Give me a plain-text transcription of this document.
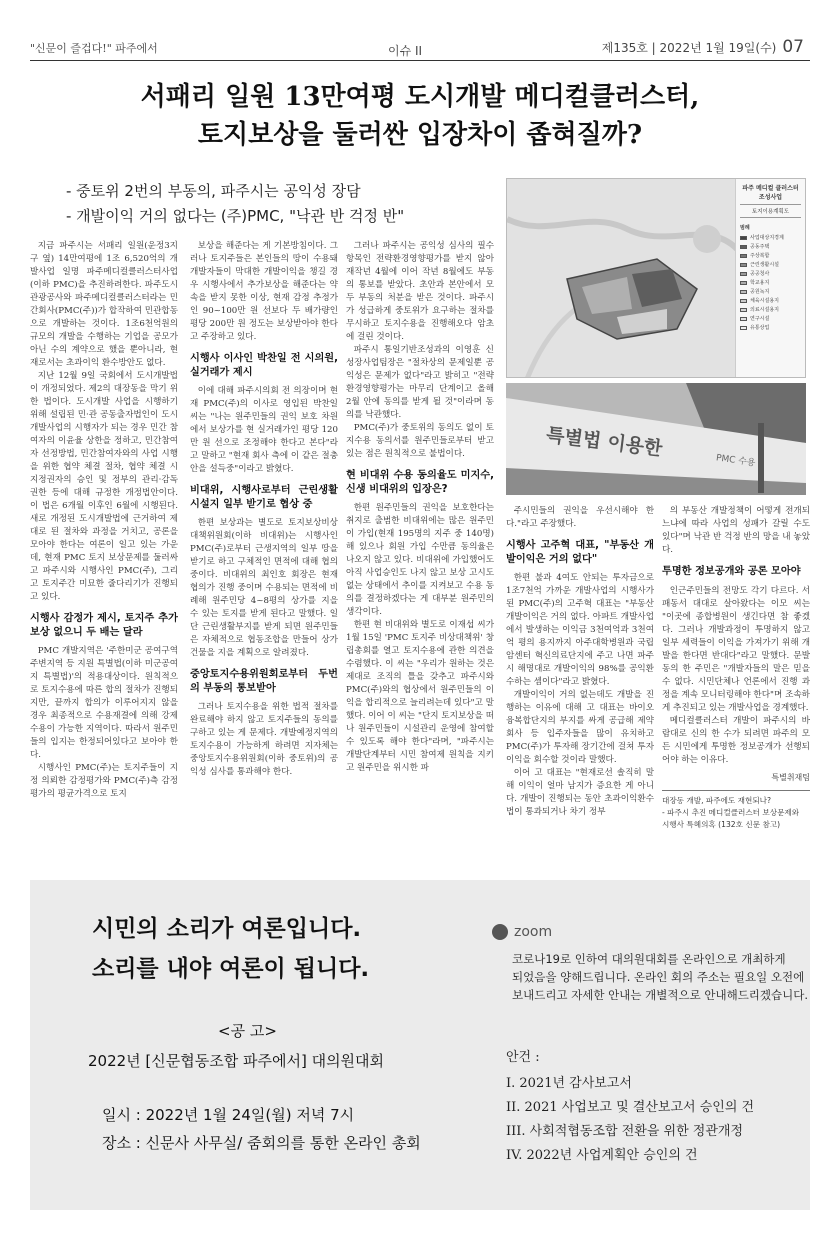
"신문이 즐겁다!" 파주에서	이슈 II	제135호 | 2022년 1월 19일(수) 07
서패리 일원 13만여평 도시개발 메디컬클러스터,
토지보상을 둘러싼 입장차이 좁혀질까?
- 중토위 2번의 부동의, 파주시는 공익성 장담
- 개발이익 거의 없다는 (주)PMC, "낙관 반 걱정 반"

지금 파주시는 서패리 일원(운정3지구 옆) 14만여평에 1조 6,520억의 개발사업 일명 파주메디컬클러스터사업(이하 PMC)을 추진하려한다. 파주도시관광공사와 파주메디컬클러스터라는 민간회사(PMC(주))가 합작하여 민관합동으로 개발하는 것이다. 1조6천억원의 규모의 개발을 수행하는 기업을 공모가 아닌 수의 계약으로 했을 뿐아니라, 현재로서는 초과이익 환수방안도 없다.

지난 12월 9일 국회에서 도시개발법이 개정되었다. 제2의 대장동을 막기 위한 법이다. 도시개발 사업을 시행하기 위해 설립된 민·관 공동출자법인이 도시개발사업의 시행자가 되는 경우 민간 참여자의 이윤율 상한을 정하고, 민간참여자 선정방법, 민간참여자와의 사업 시행을 위한 협약 체결 절차, 협약 체결 시 지정권자의 승인 및 정부의 관리·감독 권한 등에 대해 규정한 개정법안이다. 이 법은 6개월 이후인 6월에 시행된다. 새로 개정된 도시개발법에 근거하여 제대로 된 절차와 과정을 거치고, 공론을 모아야 한다는 여론이 일고 있는 가운데, 현재 PMC 토지 보상문제를 둘러싸고 파주시와 시행사인 PMC(주), 그리고 토지주간 미묘한 줄다리기가 진행되고 있다.

시행사 감정가 제시, 토지주 추가 보상 없으니 두 배는 달라

PMC 개발지역은 '주한미군 공여구역주변지역 등 지원 특별법(이하 미군공여지 특별법)'의 적용대상이다. 원칙적으로 토지수용에 따른 합의 절차가 진행되지만, 끝까지 합의가 이루어지지 않을 경우 최종적으로 수용재결에 의해 강제수용이 가능한 지역이다. 따라서 원주민들의 입지는 한정되어있다고 보아야 한다.

시행사인 PMC(주)는 토지주들이 지정 의뢰한 감정평가와 PMC(주)측 감정평가의 평균가격으로 토지

보상을 해준다는 게 기본방침이다. 그러나 토지주들은 본인들의 땅이 수용돼 개발자들이 막대한 개발이익을 챙길 경우 시행사에서 추가보상을 해준다는 약속을 받지 못한 이상, 현재 감정 추정가인 90~100만 원 선보다 두 배가량인 평당 200만 원 정도는 보상받아야 한다고 주장하고 있다.

시행사 이사인 박찬일 전 시의원, 실거래가 제시

이에 대해 파주시의회 전 의장이며 현재 PMC(주)의 이사로 영입된 박찬일 씨는 "나는 원주민들의 권익 보호 차원에서 보상가를 현 실거래가인 평당 120만 원 선으로 조정해야 한다고 본다"라고 말하고 "현재 회사 측에 이 같은 절충안을 설득중"이라고 밝혔다.

비대위, 시행사로부터 근린생활시설지 일부 받기로 협상 중

한편 보상과는 별도로 토지보상비상대책위원회(이하 비대위)는 시행사인 PMC(주)로부터 근생지역의 일부 땅을 받기로 하고 구체적인 면적에 대해 협의 중이다. 비대위의 최인호 회장은 현재 협의가 진행 중이며 수용되는 면적에 비례해 원주민당 4~8평의 상가를 지을 수 있는 토지를 받게 된다고 말했다. 일단 근린생활부지를 받게 되면 원주민들은 자체적으로 협동조합을 만들어 상가건물을 지을 계획으로 알려졌다.

중앙토지수용위원회로부터 두번의 부동의 통보받아

그러나 토지수용을 위한 법적 절차를 완료해야 하지 않고 토지주들의 동의를 구하고 있는 게 문제다. 개발예정지역의 토지수용이 가능하게 하려면 지자체는 중앙토지수용위원회(이하 중토위)의 공익성 심사를 통과해야 한다.

그러나 파주시는 공익성 심사의 필수 항목인 전략환경영향평가를 받지 않아 재작년 4월에 이어 작년 8월에도 부동의 통보를 받았다. 초안과 본안에서 모두 부동의 처분을 받은 것이다. 파주시가 성급하게 중토위가 요구하는 절차를 무시하고 토지수용을 진행해오다 암초에 걸린 것이다.

파주시 통일기반조성과의 이영훈 신성장사업팀장은 "절차상의 문제일뿐 공익성은 문제가 없다"라고 밝히고 "전략환경영향평가는 마무리 단계이고 올해 2월 안에 동의를 받게 될 것"이라며 동의를 낙관했다.

PMC(주)가 중토위의 동의도 없이 토지수용 동의서를 원주민들로부터 받고 있는 점은 원칙적으로 불법이다.

현 비대위 수용 동의율도 미지수, 신생 비대위의 입장은?

한편 원주민들의 권익을 보호한다는 취지로 출범한 비대위에는 많은 원주민이 가입(현재 195명의 지주 중 140명)해 있으나 회원 가입 수만큼 동의율은 나오지 않고 있다. 비대위에 가입했어도 아직 사업승인도 나지 않고 보상 고시도 없는 상태에서 추이를 지켜보고 수용 동의를 결정하겠다는 게 대부분 원주민의 생각이다.

한편 현 비대위와 별도로 이재섭 씨가 1월 15일 'PMC 토지주 비상대책위' 창립총회를 열고 토지수용에 관한 의견을 수렴했다. 이 씨는 "우리가 원하는 것은 제대로 조직의 틀을 갖추고 파주시와 PMC(주)와의 협상에서 원주민들의 이익을 합리적으로 늘리려는데 있다"고 말했다. 이어 이 씨는 "단지 토지보상을 떠나 원주민들이 시설관리 운영에 참여할 수 있도록 해야 한다"라며, "파주시는 개발단계부터 시민 참여제 원칙을 지키고 원주민을 위시한 파

파주 메디컬 클러스터 조성사업
토지이용계획도
범례
사업대상지경계
공동주택
주상복합
근린생활시설
공공청사
학교용지
공원녹지
체육시설용지
의료시설용지
연구시설
유통상업
특별법 이용한
PMC 수용

주시민들의 권익을 우선시해야 한다."라고 주장했다.

시행사 고주혁 대표, "부동산 개발이익은 거의 없다"

한편 불과 4여도 안되는 투자금으로 1조7천억 가까운 개발사업의 시행사가 된 PMC(주)의 고주혁 대표는 "부동산 개발이익은 거의 없다. 아파트 개발사업에서 발생하는 이익금 3천여억과 3천여억 평의 용지까지 아주대학병원과 국립암센터 혁신의료단지에 주고 나면 파주시 해명대로 개발이익의 98%를 공익환수하는 셈이다"라고 밝혔다.

개발이익이 거의 없는데도 개발을 진행하는 이유에 대해 고 대표는 바이오 융복합단지의 부지를 싸게 공급해 제약회사 등 입주자들을 많이 유치하고 PMC(주)가 투자해 장기간에 걸쳐 투자이익을 회수할 것이라 말했다.

이어 고 대표는 "현재로선 솔직히 말해 이익이 얼마 남지가 증요한 게 아니다. 개발이 진행되는 동안 초과이익환수법이 통과되거나 차기 정부

의 부동산 개발정책이 어떻게 전개되느냐에 따라 사업의 성패가 갈릴 수도 있다"며 낙관 반 걱정 반의 망을 내 놓았다.

투명한 정보공개와 공론 모아야

인근주민들의 전망도 각기 다르다. 서패동서 대대로 살아왔다는 이모 씨는 "이곳에 종합병원이 생긴다면 참 좋겠다. 그러나 개발과정이 투명하지 않고 일부 세력들이 이익을 가져가기 위해 개발을 한다면 반대다"라고 말했다. 문발동의 한 주민은 "개발자들의 말은 믿을 수 없다. 시민단체나 언론에서 진행 과정을 계속 모니터링해야 한다"며 조속하게 추진되고 있는 개발사업을 경계했다.

메디컬클러스터 개발이 파주시의 바람대로 신의 한 수가 되려면 파주의 모든 시민에게 투명한 정보공개가 선행되어야 하는 이유다.

특별취재팀
대장동 개발, 파주에도 재현되나?
- 파주시 추진 메디컬클러스터 보상문제와
시행사 특혜의혹 (132호 신문 참고)
시민의 소리가 여론입니다.
소리를 내야 여론이 됩니다.
zoom
코로나19로 인하여 대의원대회를 온라인으로 개최하게
되었음을 양해드립니다. 온라인 회의 주소는 필요일 오전에
보내드리고 자세한 안내는 개별적으로 안내해드리겠습니다.
<공 고>
2022년 [신문협동조합 파주에서] 대의원대회
일시 : 2022년 1월 24일(월) 저녁 7시
장소 : 신문사 사무실/ 줌회의를 통한 온라인 총회
안건 :
I. 2021년 감사보고서
II. 2021 사업보고 및 결산보고서 승인의 건
III. 사회적협동조합 전환을 위한 정관개정
IV. 2022년 사업계획안 승인의 건
